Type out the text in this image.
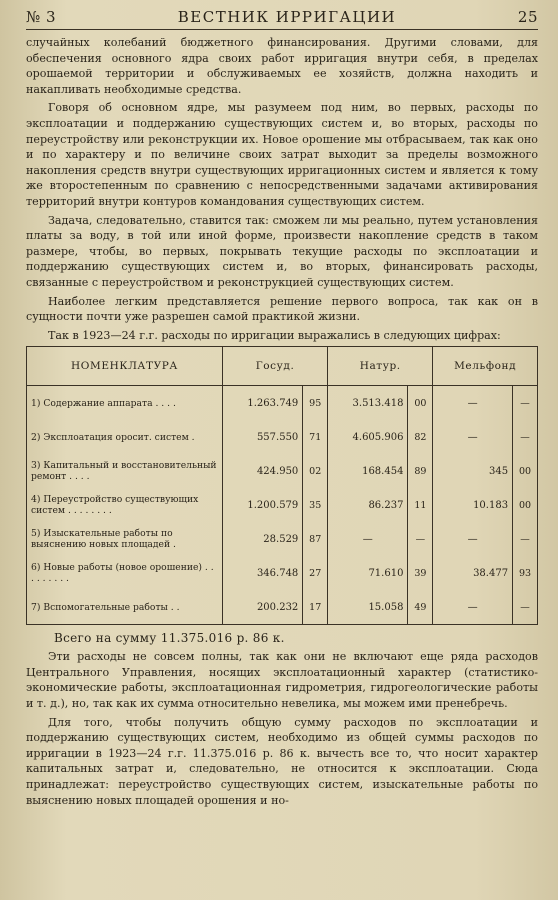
№ 3	ВЕСТНИК ИРРИГАЦИИ	25

случайных колебаний бюджетного финансирования. Другими словами, для обеспечения основного ядра своих работ ирригация внутри себя, в пределах орошаемой территории и обслуживаемых ее хозяйств, должна находить и накапливать необходимые средства.

Говоря об основном ядре, мы разумеем под ним, во первых, расходы по эксплоатации и поддержанию существующих систем и, во вторых, расходы по переустройству или реконструкции их. Новое орошение мы отбрасываем, так как оно и по характеру и по величине своих затрат выходит за пределы возможного накопления средств внутри существующих ирригационных систем и является к тому же второстепенным по сравнению с непосредственными задачами активирования территорий внутри контуров командования существующих систем.

Задача, следовательно, ставится так: сможем ли мы реально, путем установления платы за воду, в той или иной форме, произвести накопление средств в таком размере, чтобы, во первых, покрывать текущие расходы по эксплоатации и поддержанию существующих систем и, во вторых, финансировать расходы, связанные с переустройством и реконструкцией существующих систем.

Наиболее легким представляется решение первого вопроса, так как он в сущности почти уже разрешен самой практикой жизни.

Так в 1923—24 г.г. расходы по ирригации выражались в следующих цифрах:

НОМЕНКЛАТУРА	Госуд.		Натур.		Мельфонд	
1) Содержание аппарата . . . .	1.263.749	95	3.513.418	00	—	—
2) Эксплоатация оросит. систем .	557.550	71	4.605.906	82	—	—
3) Капитальный и восстановительный ремонт . . . .	424.950	02	168.454	89	345	00
4) Переустройство существующих систем . . . . . . . .	1.200.579	35	86.237	11	10.183	00
5) Изыскательные работы по выяснению новых площадей .	28.529	87	—	—	—	—
6) Новые работы (новое орошение) . . . . . . . . .	346.748	27	71.610	39	38.477	93
7) Вспомогательные работы . .	200.232	17	15.058	49	—	—
Всего на сумму 11.375.016 р. 86 к.

Эти расходы не совсем полны, так как они не включают еще ряда расходов Центрального Управления, носящих эксплоатационный характер (статистико-экономические работы, эксплоатационная гидрометрия, гидрогеологические работы и т. д.), но, так как их сумма относительно невелика, мы можем ими пренебречь.

Для того, чтобы получить общую сумму расходов по эксплоатации и поддержанию существующих систем, необходимо из общей суммы расходов по ирригации в 1923—24 г.г. 11.375.016 р. 86 к. вычесть все то, что носит характер капитальных затрат и, следовательно, не относится к эксплоатации. Сюда принадлежат: переустройство существующих систем, изыскательные работы по выяснению новых площадей орошения и но-
